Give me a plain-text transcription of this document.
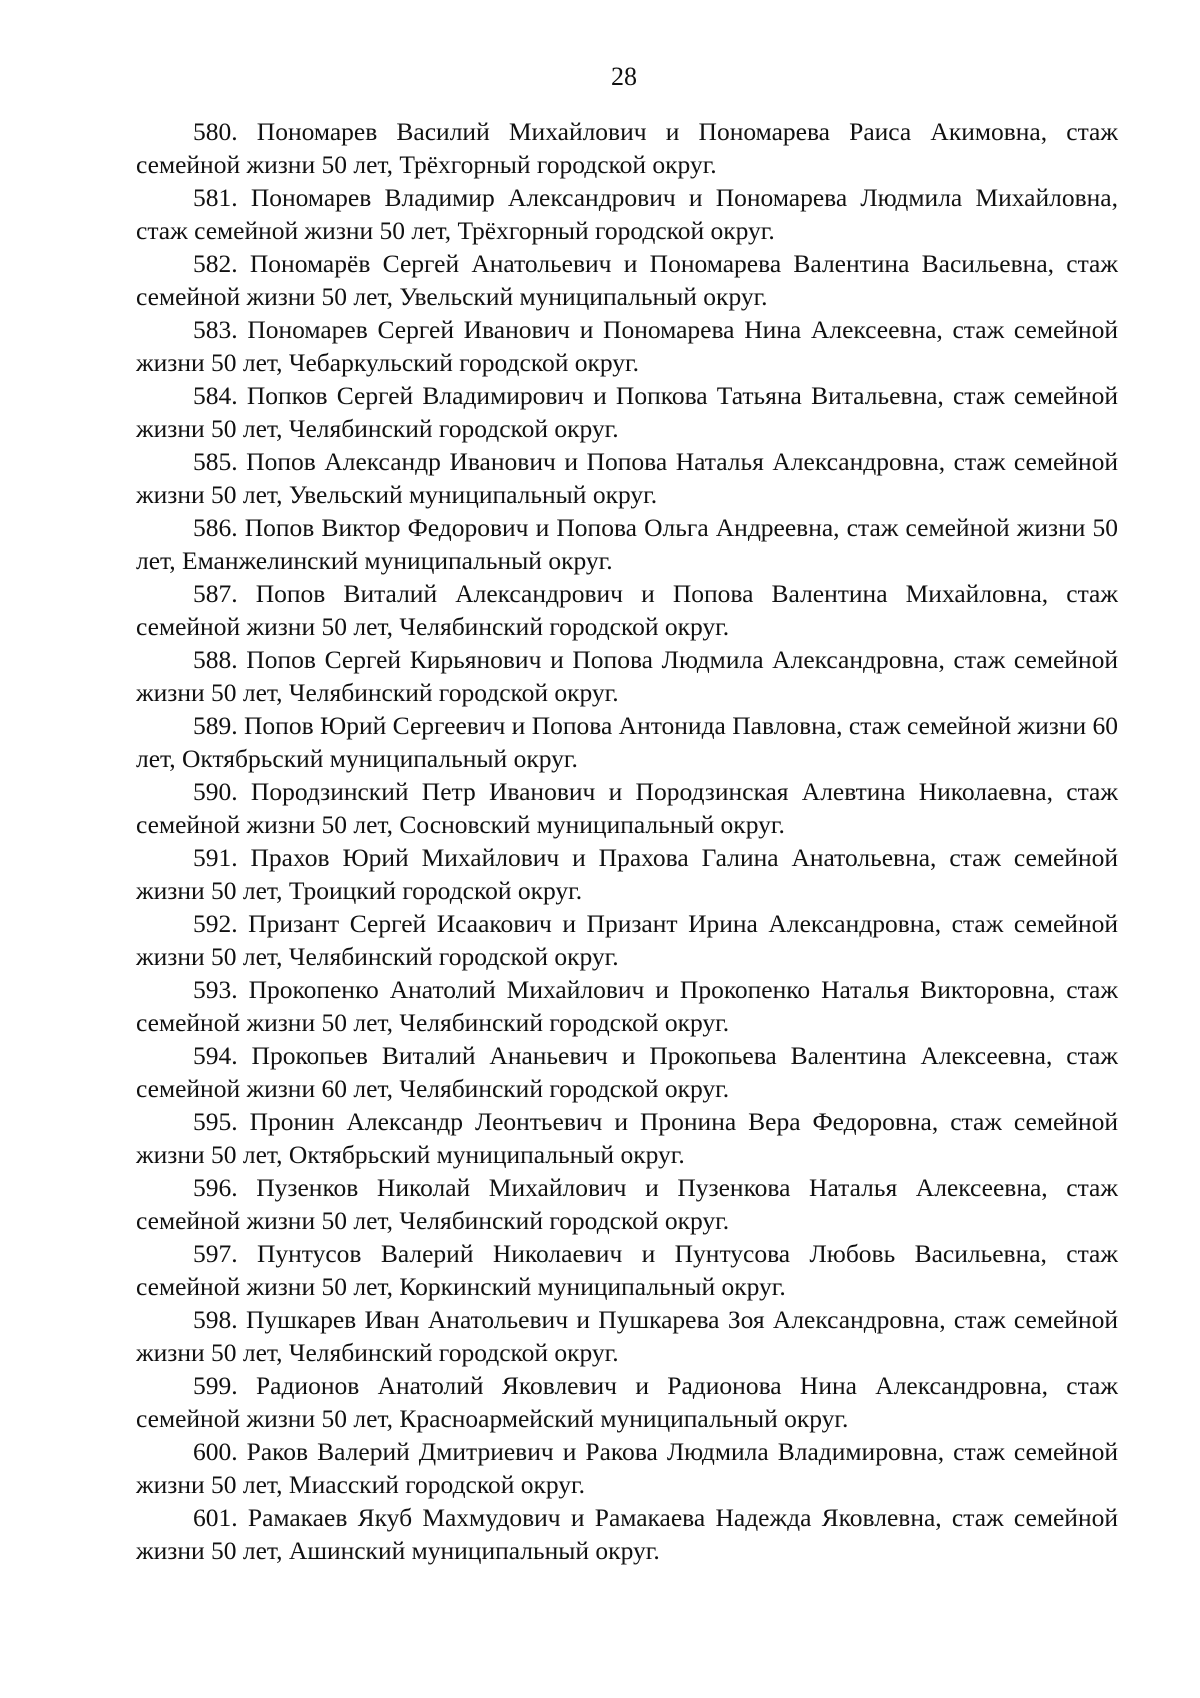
28

580. Пономарев Василий Михайлович и Пономарева Раиса Акимовна, стаж семейной жизни 50 лет, Трёхгорный городской округ.

581. Пономарев Владимир Александрович и Пономарева Людмила Михайловна, стаж семейной жизни 50 лет, Трёхгорный городской округ.

582. Пономарёв Сергей Анатольевич и Пономарева Валентина Васильевна, стаж семейной жизни 50 лет, Увельский муниципальный округ.

583. Пономарев Сергей Иванович и Пономарева Нина Алексеевна, стаж семейной жизни 50 лет, Чебаркульский городской округ.

584. Попков Сергей Владимирович и Попкова Татьяна Витальевна, стаж семейной жизни 50 лет, Челябинский городской округ.

585. Попов Александр Иванович и Попова Наталья Александровна, стаж семейной жизни 50 лет, Увельский муниципальный округ.

586. Попов Виктор Федорович и Попова Ольга Андреевна, стаж семейной жизни 50 лет, Еманжелинский муниципальный округ.

587. Попов Виталий Александрович и Попова Валентина Михайловна, стаж семейной жизни 50 лет, Челябинский городской округ.

588. Попов Сергей Кирьянович и Попова Людмила Александровна, стаж семейной жизни 50 лет, Челябинский городской округ.

589. Попов Юрий Сергеевич и Попова Антонида Павловна, стаж семейной жизни 60 лет, Октябрьский муниципальный округ.

590. Породзинский Петр Иванович и Породзинская Алевтина Николаевна, стаж семейной жизни 50 лет, Сосновский муниципальный округ.

591. Прахов Юрий Михайлович и Прахова Галина Анатольевна, стаж семейной жизни 50 лет, Троицкий городской округ.

592. Призант Сергей Исаакович и Призант Ирина Александровна, стаж семейной жизни 50 лет, Челябинский городской округ.

593. Прокопенко Анатолий Михайлович и Прокопенко Наталья Викторовна, стаж семейной жизни 50 лет, Челябинский городской округ.

594. Прокопьев Виталий Ананьевич и Прокопьева Валентина Алексеевна, стаж семейной жизни 60 лет, Челябинский городской округ.

595. Пронин Александр Леонтьевич и Пронина Вера Федоровна, стаж семейной жизни 50 лет, Октябрьский муниципальный округ.

596. Пузенков Николай Михайлович и Пузенкова Наталья Алексеевна, стаж семейной жизни 50 лет, Челябинский городской округ.

597. Пунтусов Валерий Николаевич и Пунтусова Любовь Васильевна, стаж семейной жизни 50 лет, Коркинский муниципальный округ.

598. Пушкарев Иван Анатольевич и Пушкарева Зоя Александровна, стаж семейной жизни 50 лет, Челябинский городской округ.

599. Радионов Анатолий Яковлевич и Радионова Нина Александровна, стаж семейной жизни 50 лет, Красноармейский муниципальный округ.

600. Раков Валерий Дмитриевич и Ракова Людмила Владимировна, стаж семейной жизни 50 лет, Миасский городской округ.

601. Рамакаев Якуб Махмудович и Рамакаева Надежда Яковлевна, стаж семейной жизни 50 лет, Ашинский муниципальный округ.
